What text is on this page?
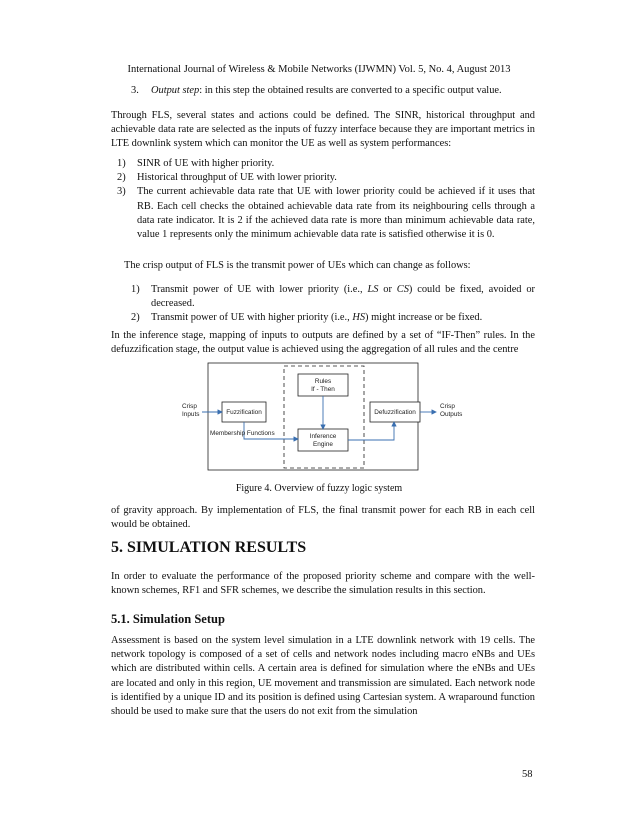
International Journal of Wireless & Mobile Networks (IJWMN) Vol. 5, No. 4, August 2013
3. Output step: in this step the obtained results are converted to a specific output value.

Through FLS, several states and actions could be defined. The SINR, historical throughput and achievable data rate are selected as the inputs of fuzzy interface because they are important metrics in LTE downlink system which can monitor the UE as well as system performances:

1) SINR of UE with higher priority.
2) Historical throughput of UE with lower priority.
3) The current achievable data rate that UE with lower priority could be achieved if it uses that RB. Each cell checks the obtained achievable data rate from its neighbouring cells through a data rate indicator. It is 2 if the achieved data rate is more than minimum achievable data rate, value 1 represents only the minimum achievable data rate is satisfied otherwise it is 0.

The crisp output of FLS is the transmit power of UEs which can change as follows:

1) Transmit power of UE with lower priority (i.e., LS or CS) could be fixed, avoided or decreased.
2) Transmit power of UE with higher priority (i.e., HS) might increase or be fixed.

In the inference stage, mapping of inputs to outputs are defined by a set of “IF-Then” rules. In the defuzzification stage, the output value is achieved using the aggregation of all rules and the centre

Crisp
Inputs	Fuzzification
Rules
If - Then
Membership Functions	Inference
Engine
Defuzzification
Crisp
Outputs
Figure 4. Overview of fuzzy logic system

of gravity approach. By implementation of FLS, the final transmit power for each RB in each cell would be obtained.

5. SIMULATION RESULTS

In order to evaluate the performance of the proposed priority scheme and compare with the well-known schemes, RF1 and SFR schemes, we describe the simulation results in this section.

5.1. Simulation Setup

Assessment is based on the system level simulation in a LTE downlink network with 19 cells. The network topology is composed of a set of cells and network nodes including macro eNBs and UEs which are distributed within cells. A certain area is defined for simulation where the eNBs and UEs are located and only in this region, UE movement and transmission are simulated. Each network node is identified by a unique ID and its position is defined using Cartesian system. A wraparound function should be used to make sure that the users do not exit from the simulation

58
